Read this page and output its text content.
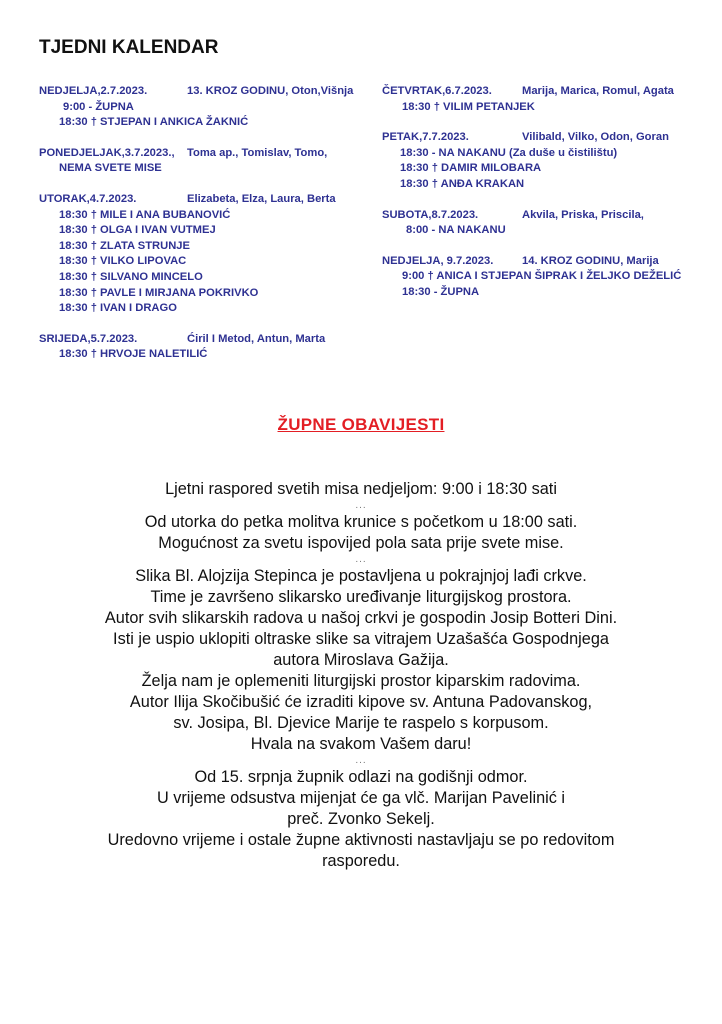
TJEDNI KALENDAR
NEDJELJA,2.7.2023.	13. KROZ GODINU, Oton,Višnja
9:00 - ŽUPNA
18:30 † STJEPAN I ANKICA ŽAKNIĆ
PONEDJELJAK,3.7.2023., Toma ap., Tomislav, Tomo,
NEMA SVETE MISE
UTORAK,4.7.2023.	Elizabeta, Elza, Laura, Berta
18:30 † MILE I ANA BUBANOVIĆ
18:30 † OLGA I IVAN VUTMEJ
18:30 † ZLATA STRUNJE
18:30 † VILKO LIPOVAC
18:30 † SILVANO MINCELO
18:30 † PAVLE I MIRJANA POKRIVKO
18:30 † IVAN I DRAGO
SRIJEDA,5.7.2023.	Ćiril I Metod, Antun, Marta
18:30 † HRVOJE NALETILIĆ
ČETVRTAK,6.7.2023.	Marija, Marica, Romul, Agata
18:30 † VILIM PETANJEK
PETAK,7.7.2023.	Vilibald, Vilko, Odon, Goran
18:30 - NA NAKANU (Za duše u čistilištu)
18:30 † DAMIR MILOBARA
18:30 † ANĐA KRAKAN
SUBOTA,8.7.2023.	Akvila, Priska, Priscila,
8:00 - NA NAKANU
NEDJELJA, 9.7.2023.	14. KROZ GODINU, Marija
9:00 † ANICA I STJEPAN ŠIPRAK I ŽELJKO DEŽELIĆ
18:30 - ŽUPNA
ŽUPNE OBAVIJESTI

Ljetni raspored svetih misa nedjeljom: 9:00 i 18:30 sati

...

Od utorka do petka molitva krunice s početkom u 18:00 sati.

Mogućnost za svetu ispovijed pola sata prije svete mise.

...

Slika Bl. Alojzija Stepinca je postavljena u pokrajnjoj lađi crkve.

Time je završeno slikarsko uređivanje liturgijskog prostora.

Autor svih slikarskih radova u našoj crkvi je gospodin Josip Botteri Dini.

Isti je uspio uklopiti oltraske slike sa vitrajem Uzašašća Gospodnjega

autora Miroslava Gažija.

Želja nam je oplemeniti liturgijski prostor kiparskim radovima.

Autor Ilija Skočibušić će izraditi kipove sv. Antuna Padovanskog,

sv. Josipa, Bl. Djevice Marije te raspelo s korpusom.

Hvala na svakom Vašem daru!

...

Od 15. srpnja župnik odlazi na godišnji odmor.

U vrijeme odsustva mijenjat će ga vlč. Marijan Pavelinić i

preč. Zvonko Sekelj.

Uredovno vrijeme i ostale župne aktivnosti nastavljaju se po redovitom

rasporedu.
